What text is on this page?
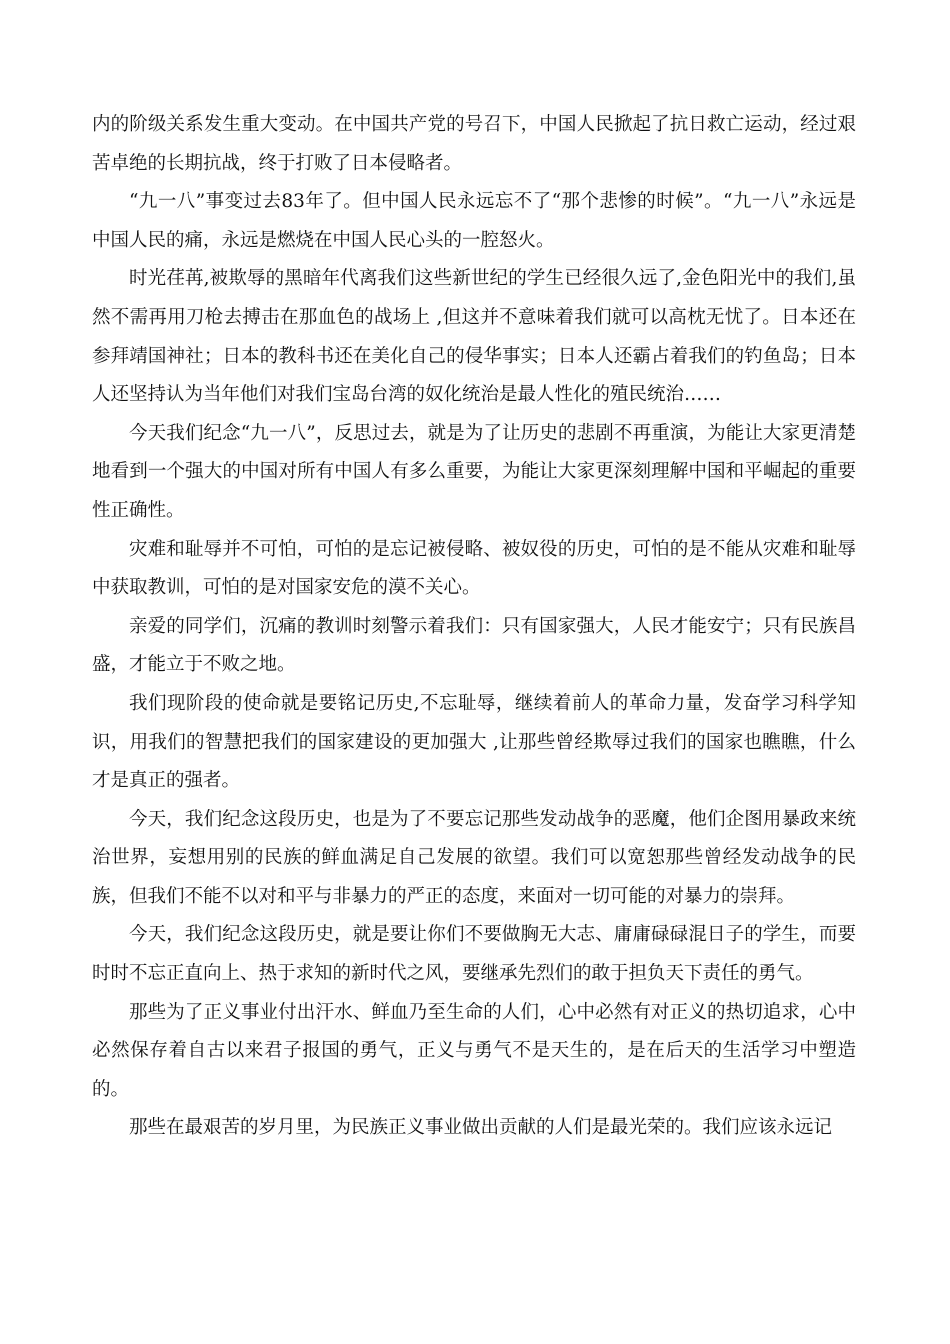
内的阶级关系发生重大变动。在中国共产党的号召下，中国人民掀起了抗日救亡运动，经过艰苦卓绝的长期抗战，终于打败了日本侵略者。

“九一八”事变过去83年了。但中国人民永远忘不了“那个悲惨的时候”。“九一八”永远是中国人民的痛，永远是燃烧在中国人民心头的一腔怒火。

时光荏苒,被欺辱的黑暗年代离我们这些新世纪的学生已经很久远了,金色阳光中的我们,虽然不需再用刀枪去搏击在那血色的战场上 ,但这并不意味着我们就可以高枕无忧了。日本还在参拜靖国神社；日本的教科书还在美化自己的侵华事实；日本人还霸占着我们的钓鱼岛；日本人还坚持认为当年他们对我们宝岛台湾的奴化统治是最人性化的殖民统治……

今天我们纪念“九一八”，反思过去，就是为了让历史的悲剧不再重演，为能让大家更清楚地看到一个强大的中国对所有中国人有多么重要，为能让大家更深刻理解中国和平崛起的重要性正确性。

灾难和耻辱并不可怕，可怕的是忘记被侵略、被奴役的历史，可怕的是不能从灾难和耻辱中获取教训，可怕的是对国家安危的漠不关心。

亲爱的同学们，沉痛的教训时刻警示着我们：只有国家强大，人民才能安宁；只有民族昌盛，才能立于不败之地。

我们现阶段的使命就是要铭记历史,不忘耻辱，继续着前人的革命力量，发奋学习科学知识，用我们的智慧把我们的国家建设的更加强大 ,让那些曾经欺辱过我们的国家也瞧瞧，什么才是真正的强者。

今天，我们纪念这段历史，也是为了不要忘记那些发动战争的恶魔，他们企图用暴政来统治世界，妄想用别的民族的鲜血满足自己发展的欲望。我们可以宽恕那些曾经发动战争的民族，但我们不能不以对和平与非暴力的严正的态度，来面对一切可能的对暴力的崇拜。

今天，我们纪念这段历史，就是要让你们不要做胸无大志、庸庸碌碌混日子的学生，而要时时不忘正直向上、热于求知的新时代之风，要继承先烈们的敢于担负天下责任的勇气。

那些为了正义事业付出汗水、鲜血乃至生命的人们，心中必然有对正义的热切追求，心中必然保存着自古以来君子报国的勇气，正义与勇气不是天生的，是在后天的生活学习中塑造的。

那些在最艰苦的岁月里，为民族正义事业做出贡献的人们是最光荣的。我们应该永远记
